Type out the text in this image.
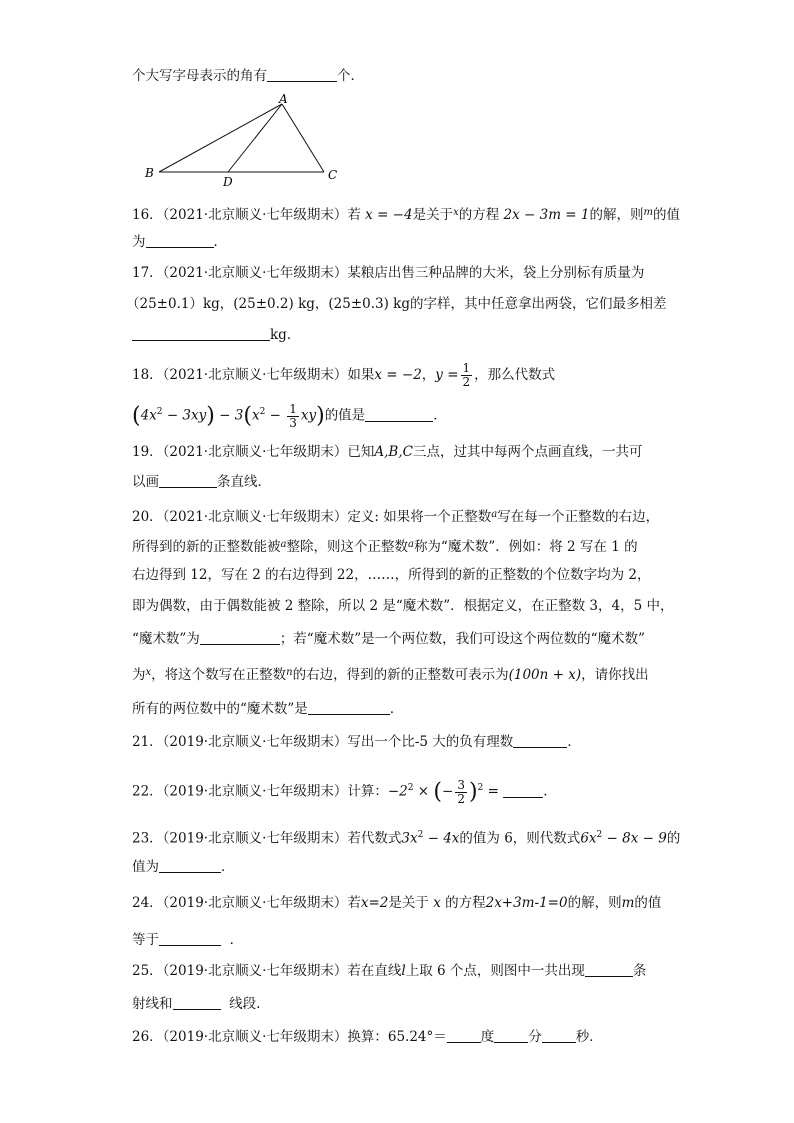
个大写字母表示的角有	个．
A
B	C
D
16．（2021·北京顺义·七年级期末）若 x = −4是关于$^x$的方程 2x − 3m = 1的解，则$^m$的值
为	．
17．（2021·北京顺义·七年级期末）某粮店出售三种品牌的大米，袋上分别标有质量为
（25±0.1）kg，(25±0.2) kg，(25±0.3) kg的字样，其中任意拿出两袋，它们最多相差
kg．
18．（2021·北京顺义·七年级期末）如果x = −2，$y = \frac{1}{2}$ ，那么代数式
$(4x^2 - 3xy) - 3(x^2 - \frac{1}{3} xy)$的值是	．
19．（2021·北京顺义·七年级期末）已知A,B,C三点，过其中每两个点画直线，一共可
以画	条直线．
20．（2021·北京顺义·七年级期末）定义: 如果将一个正整数$^a$写在每一个正整数的右边，
所得到的新的正整数能被$^a$整除，则这个正整数$^a$称为“魔术数”．例如：将 2 写在 1 的
右边得到 12，写在 2 的右边得到 22，……，所得到的新的正整数的个位数字均为 2，
即为偶数，由于偶数能被 2 整除，所以 2 是“魔术数”．根据定义，在正整数 3，4，5 中，
“魔术数”为	；若“魔术数”是一个两位数，我们可设这个两位数的“魔术数”
为$^x$，将这个数写在正整数$^n$的右边，得到的新的正整数可表示为(100n + x)，请你找出
所有的两位数中的“魔术数”是	．
21．（2019·北京顺义·七年级期末）写出一个比-5 大的负有理数	．
22．（2019·北京顺义·七年级期末）计算：$-2^2$ × (− $\frac{3}{2} )^2$ =	.
23．（2019·北京顺义·七年级期末）若代数式$3x^2 - 4x$的值为 6，则代数式$6x^2 - 8x - 9$的
值为	．
24．（2019·北京顺义·七年级期末）若x=2是关于 x 的方程2x+3m-1=0的解，则m的值
等于	．
25．（2019·北京顺义·七年级期末）若在直线l上取 6 个点，则图中一共出现	条
射线和	线段.
26．（2019·北京顺义·七年级期末）换算：65.24°＝	度	分	秒．
